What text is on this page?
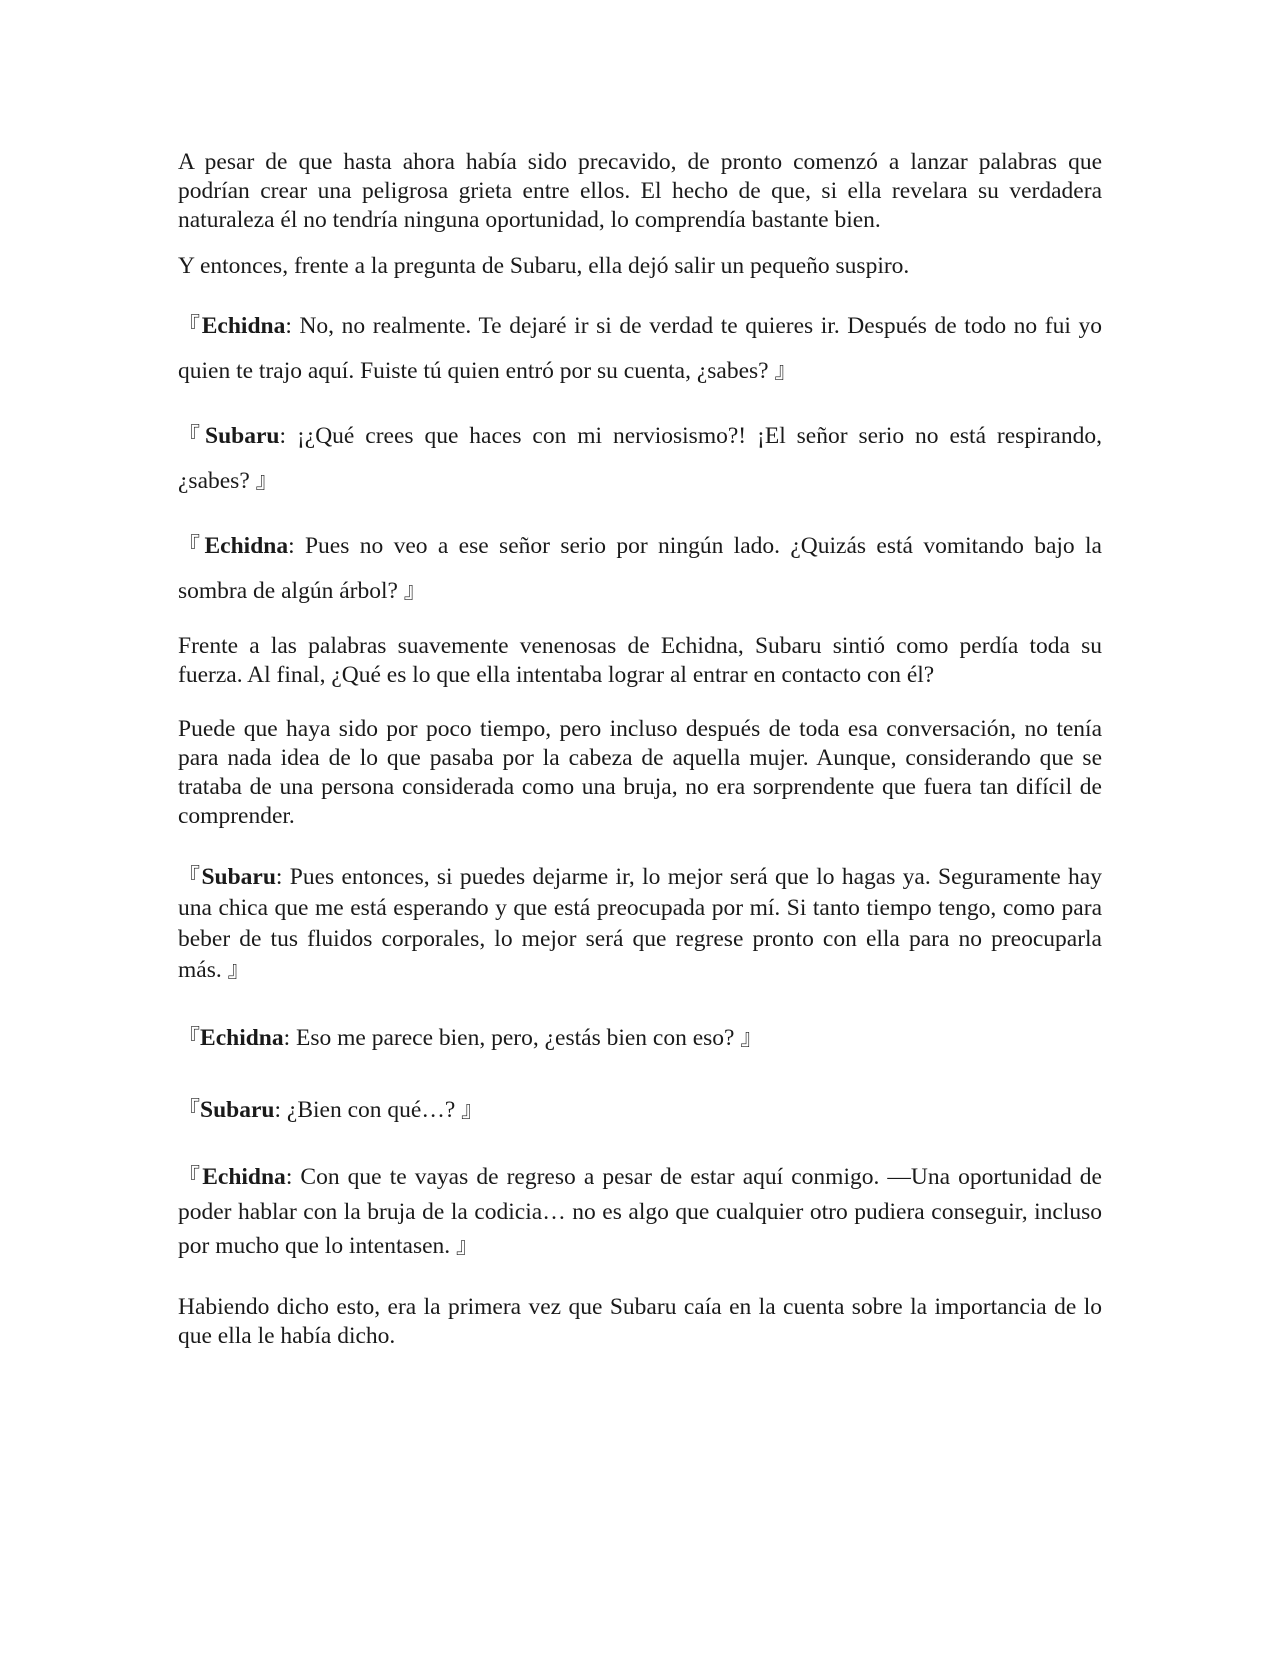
A pesar de que hasta ahora había sido precavido, de pronto comenzó a lanzar palabras que podrían crear una peligrosa grieta entre ellos. El hecho de que, si ella revelara su verdadera naturaleza él no tendría ninguna oportunidad, lo comprendía bastante bien.

Y entonces, frente a la pregunta de Subaru, ella dejó salir un pequeño suspiro.

『Echidna: No, no realmente. Te dejaré ir si de verdad te quieres ir. Después de todo no fui yo quien te trajo aquí. Fuiste tú quien entró por su cuenta, ¿sabes? 』

『Subaru: ¡¿Qué crees que haces con mi nerviosismo?! ¡El señor serio no está respirando, ¿sabes? 』

『Echidna: Pues no veo a ese señor serio por ningún lado. ¿Quizás está vomitando bajo la sombra de algún árbol? 』

Frente a las palabras suavemente venenosas de Echidna, Subaru sintió como perdía toda su fuerza. Al final, ¿Qué es lo que ella intentaba lograr al entrar en contacto con él?

Puede que haya sido por poco tiempo, pero incluso después de toda esa conversación, no tenía para nada idea de lo que pasaba por la cabeza de aquella mujer. Aunque, considerando que se trataba de una persona considerada como una bruja, no era sorprendente que fuera tan difícil de comprender.

『Subaru: Pues entonces, si puedes dejarme ir, lo mejor será que lo hagas ya. Seguramente hay una chica que me está esperando y que está preocupada por mí. Si tanto tiempo tengo, como para beber de tus fluidos corporales, lo mejor será que regrese pronto con ella para no preocuparla más. 』

『Echidna: Eso me parece bien, pero, ¿estás bien con eso? 』

『Subaru: ¿Bien con qué…? 』

『Echidna: Con que te vayas de regreso a pesar de estar aquí conmigo. —Una oportunidad de poder hablar con la bruja de la codicia… no es algo que cualquier otro pudiera conseguir, incluso por mucho que lo intentasen. 』

Habiendo dicho esto, era la primera vez que Subaru caía en la cuenta sobre la importancia de lo que ella le había dicho.
